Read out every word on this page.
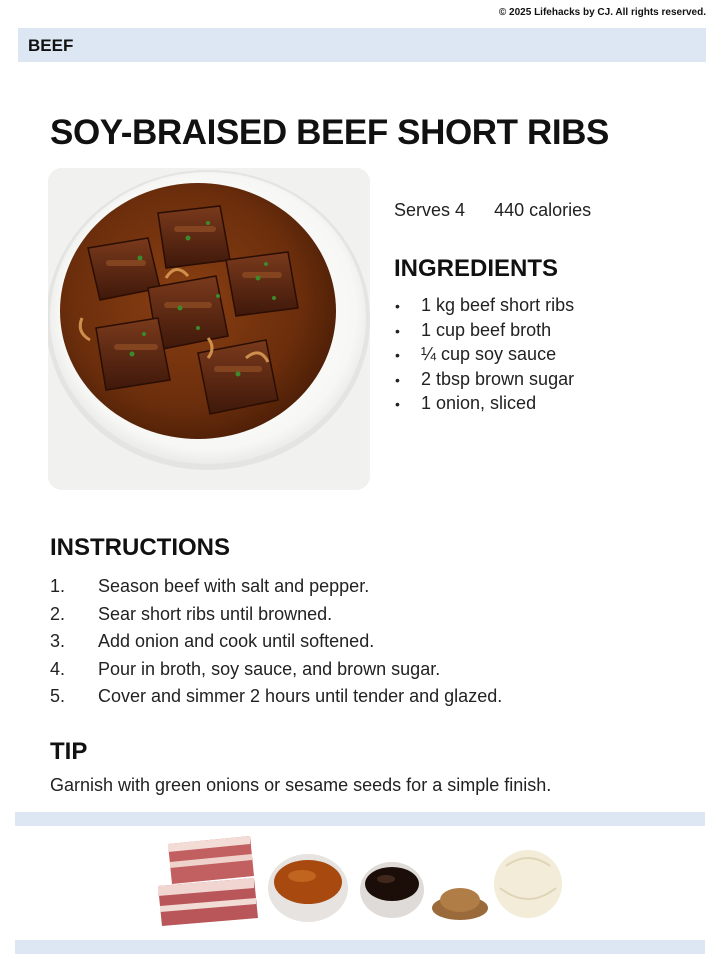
© 2025 Lifehacks by CJ. All rights reserved.
BEEF
SOY-BRAISED BEEF SHORT RIBS
Serves 4 440 calories
INGREDIENTS
• 1 kg beef short ribs
• 1 cup beef broth
• ¼ cup soy sauce
• 2 tbsp brown sugar
• 1 onion, sliced
INSTRUCTIONS
1. Season beef with salt and pepper.
2. Sear short ribs until browned.
3. Add onion and cook until softened.
4. Pour in broth, soy sauce, and brown sugar.
5. Cover and simmer 2 hours until tender and glazed.
TIP
Garnish with green onions or sesame seeds for a simple finish.
